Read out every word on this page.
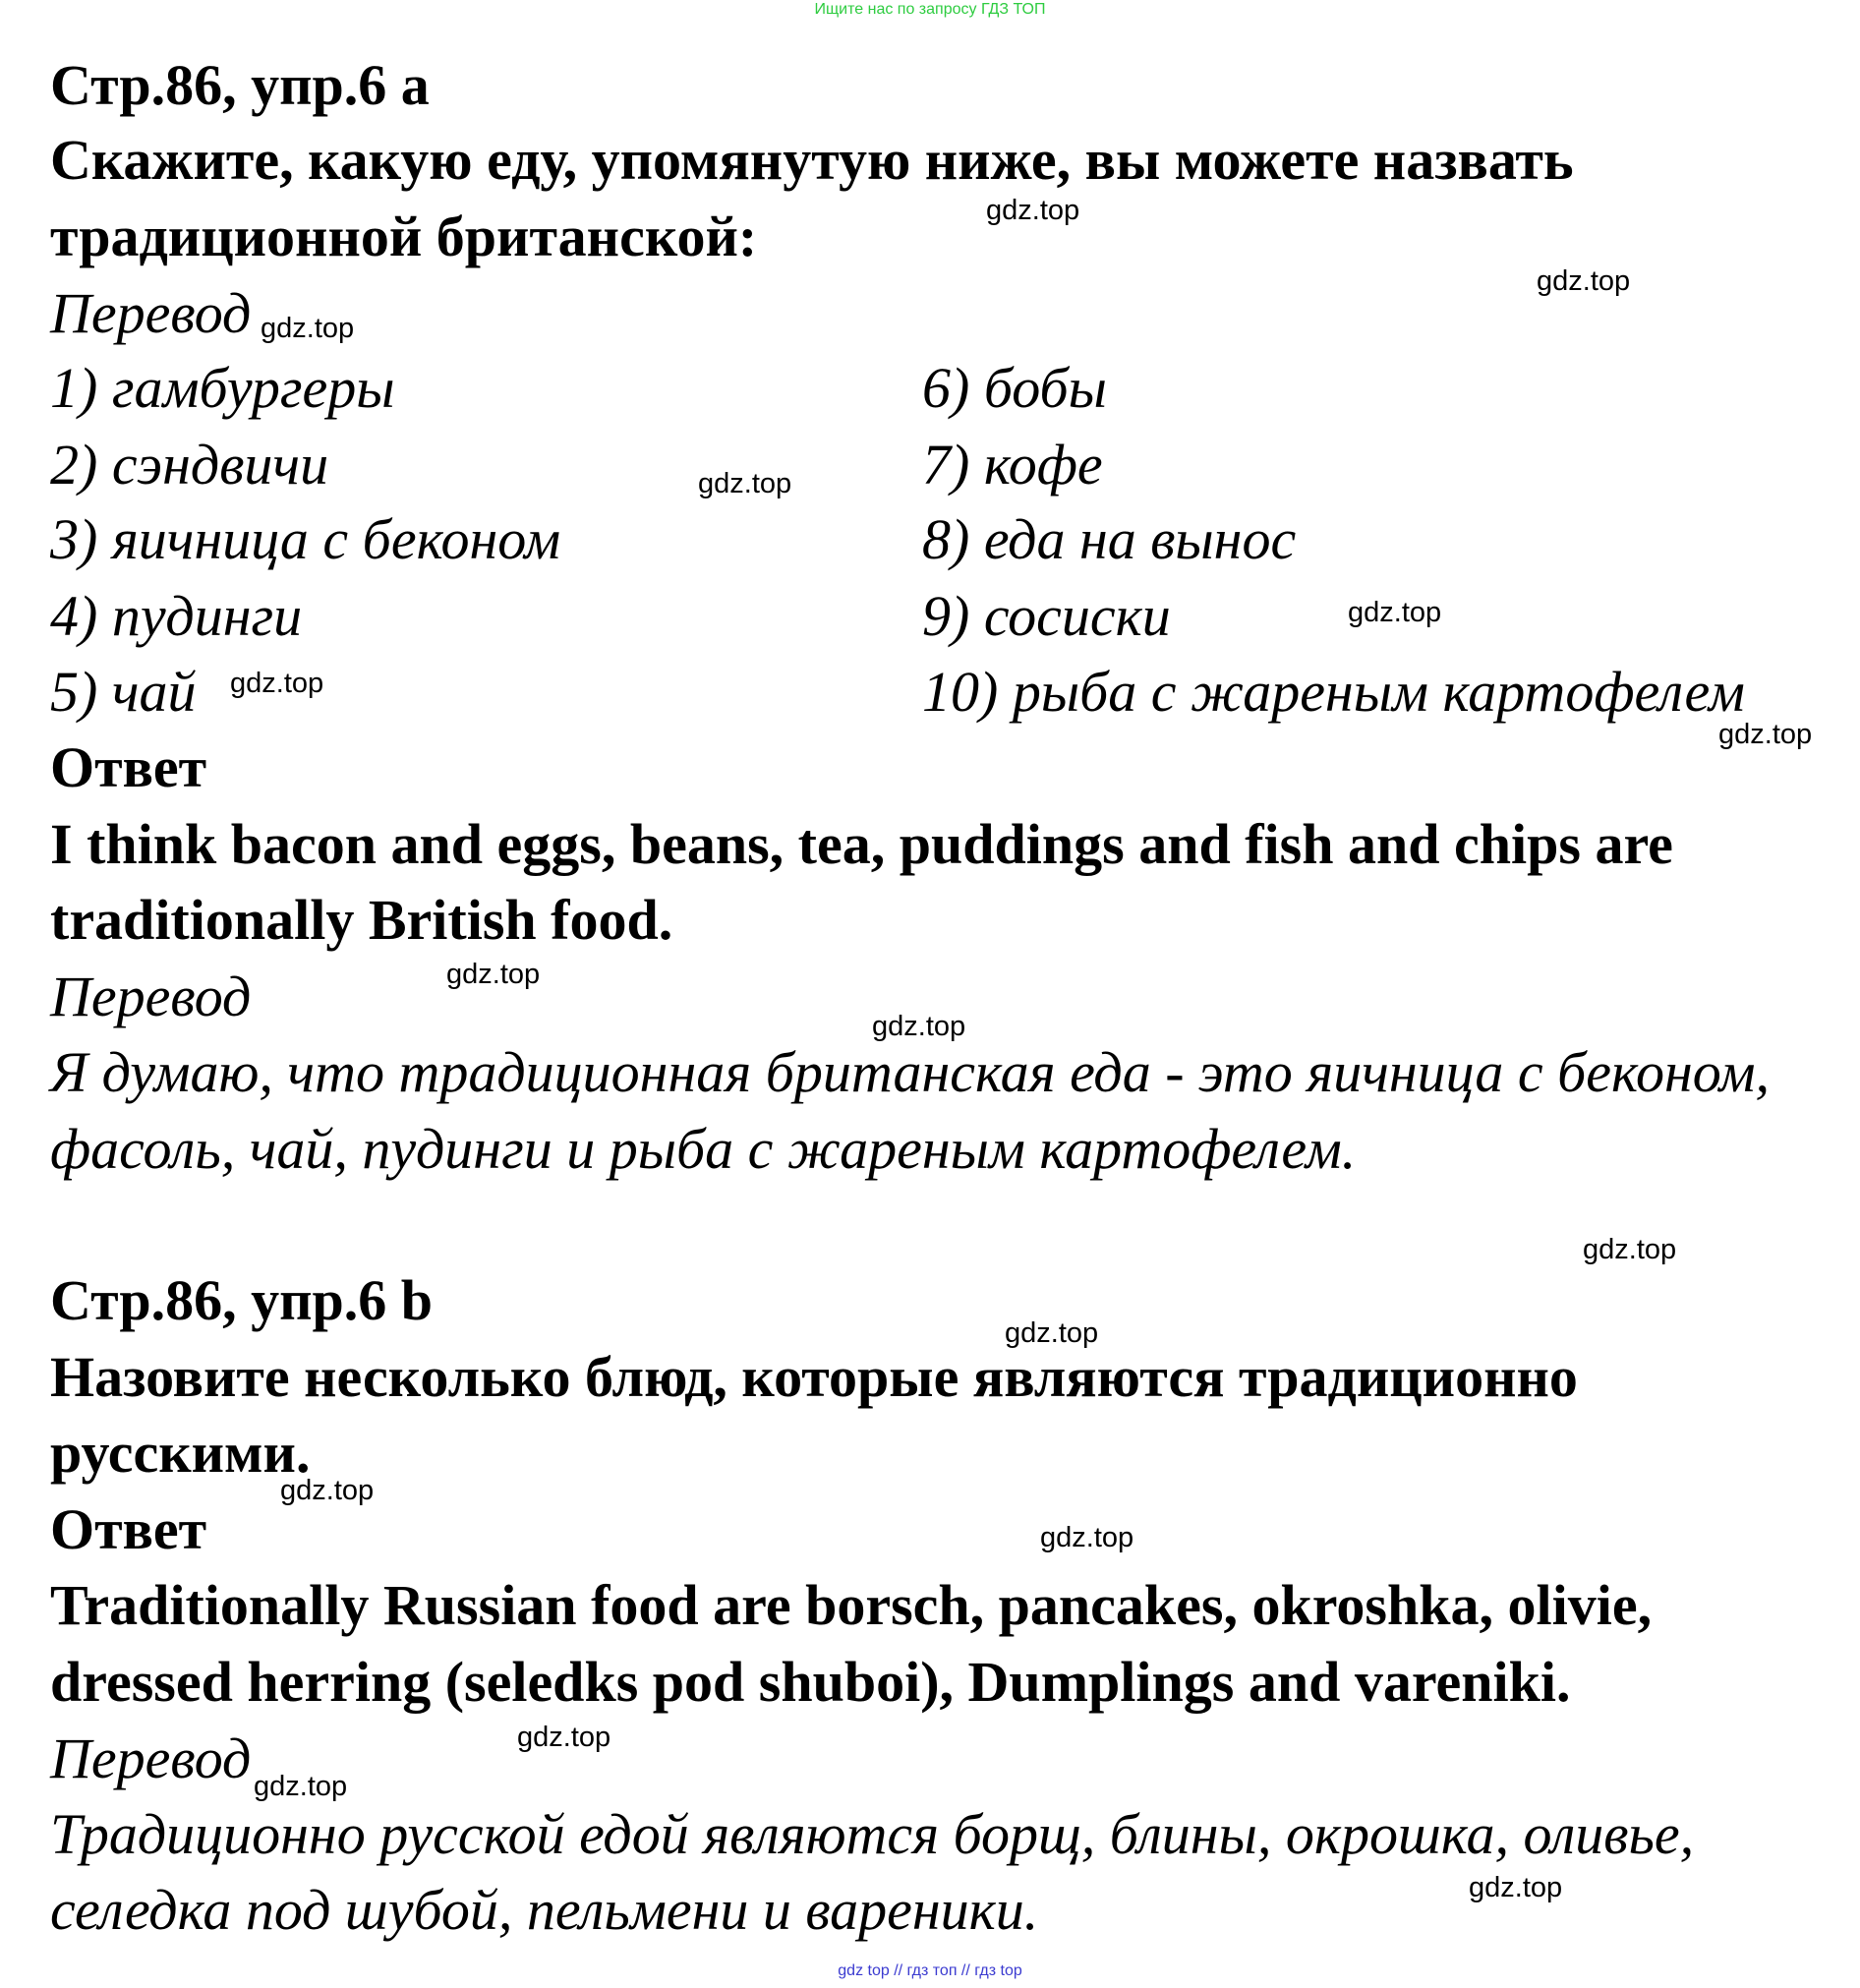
Ищите нас по запросу ГДЗ ТОП
Стр.86, упр.6 a
Скажите, какую еду, упомянутую ниже, вы можете назвать
традиционной британской:
Перевод
1) гамбургеры
2) сэндвичи
3) яичница с беконом
4) пудинги
5) чай
6) бобы
7) кофе
8) еда на вынос
9) сосиски
10) рыба с жареным картофелем
Ответ
I think bacon and eggs, beans, tea, puddings and fish and chips are
traditionally British food.
Перевод
Я думаю, что традиционная британская еда - это яичница с беконом,
фасоль, чай, пудинги и рыба с жареным картофелем.
Стр.86, упр.6 b
Назовите несколько блюд, которые являются традиционно
русскими.
Ответ
Traditionally Russian food are borsch, pancakes, okroshka, olivie,
dressed herring (seledks pod shuboi), Dumplings and vareniki.
Перевод
Традиционно русской едой являются борщ, блины, окрошка, оливье,
селедка под шубой, пельмени и вареники.
gdz.top
gdz.top
gdz.top
gdz.top
gdz.top
gdz.top
gdz.top
gdz.top
gdz.top
gdz.top
gdz.top
gdz.top
gdz.top
gdz.top
gdz.top
gdz.top
gdz top // гдз топ // гдз top
